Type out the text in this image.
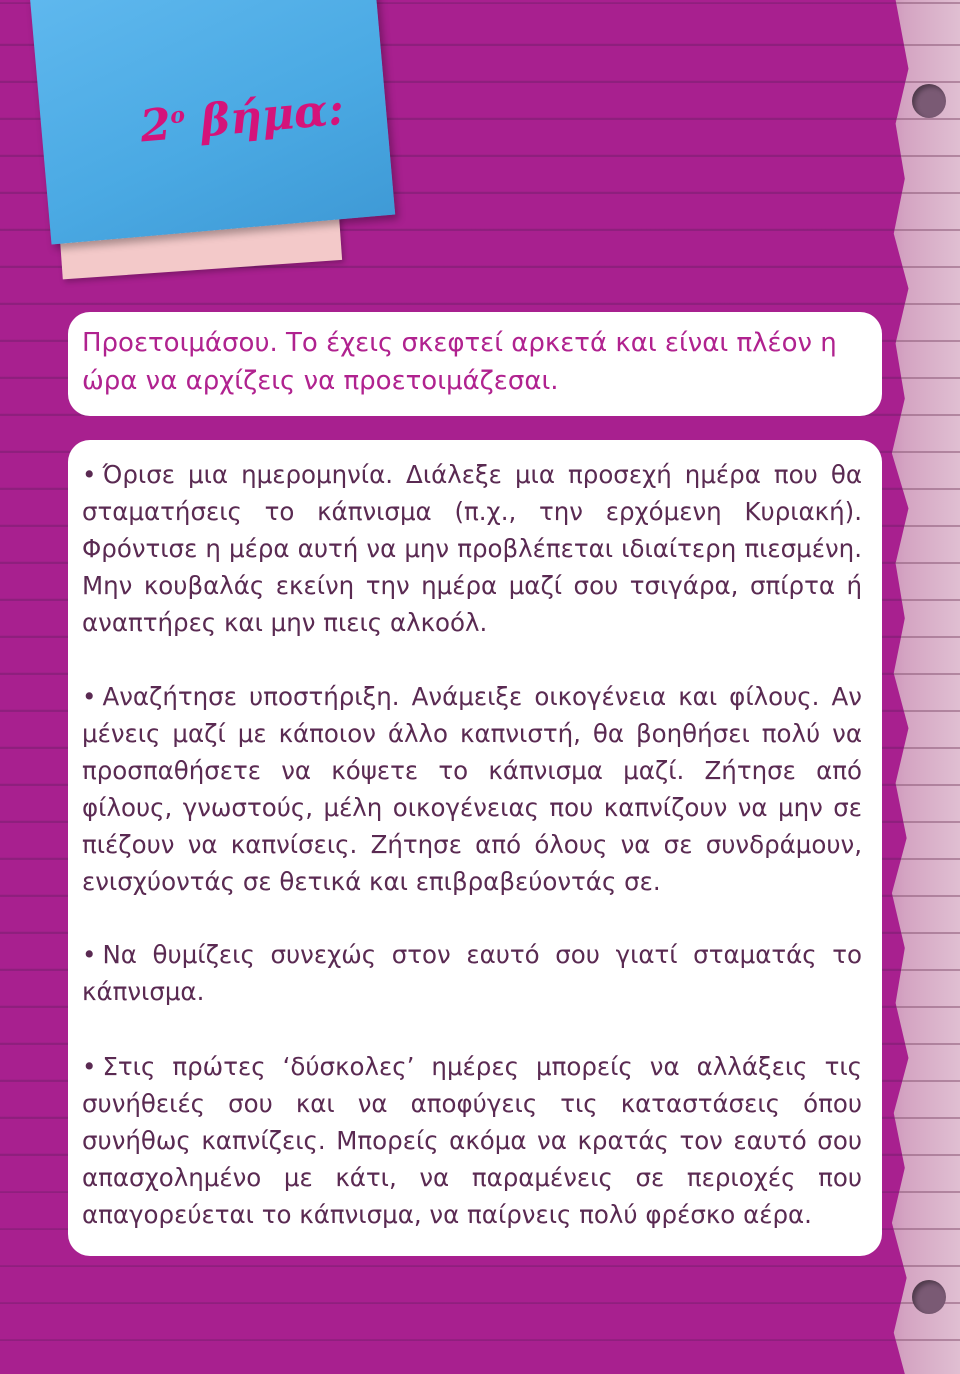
$2^o$ βήμα:
Προετοιμάσου. Το έχεις σκεφτεί αρκετά και είναι πλέον η ώρα να αρχίζεις να προετοιμάζεσαι.
• Όρισε μια ημερομηνία. Διάλεξε μια προσεχή ημέρα που θα σταματήσεις το κάπνισμα (π.χ., την ερχόμενη Κυριακή). Φρόντισε η μέρα αυτή να μην προβλέπεται ιδιαίτερη πιεσμένη. Μην κουβαλάς εκείνη την ημέρα μαζί σου τσιγάρα, σπίρτα ή αναπτήρες και μην πιεις αλκοόλ.
• Αναζήτησε υποστήριξη. Ανάμειξε οικογένεια και φίλους. Αν μένεις μαζί με κάποιον άλλο καπνιστή, θα βοηθήσει πολύ να προσπαθήσετε να κόψετε το κάπνισμα μαζί. Ζήτησε από φίλους, γνωστούς, μέλη οικογένειας που καπνίζουν να μην σε πιέζουν να καπνίσεις. Ζήτησε από όλους να σε συνδράμουν, ενισχύοντάς σε θετικά και επιβραβεύοντάς σε.
• Να θυμίζεις συνεχώς στον εαυτό σου γιατί σταματάς το κάπνισμα.
• Στις πρώτες ‘δύσκολες’ ημέρες μπορείς να αλλάξεις τις συνήθειές σου και να αποφύγεις τις καταστάσεις όπου συνήθως καπνίζεις. Μπορείς ακόμα να κρατάς τον εαυτό σου απασχολημένο με κάτι, να παραμένεις σε περιοχές που απαγορεύεται το κάπνισμα, να παίρνεις πολύ φρέσκο αέρα.
